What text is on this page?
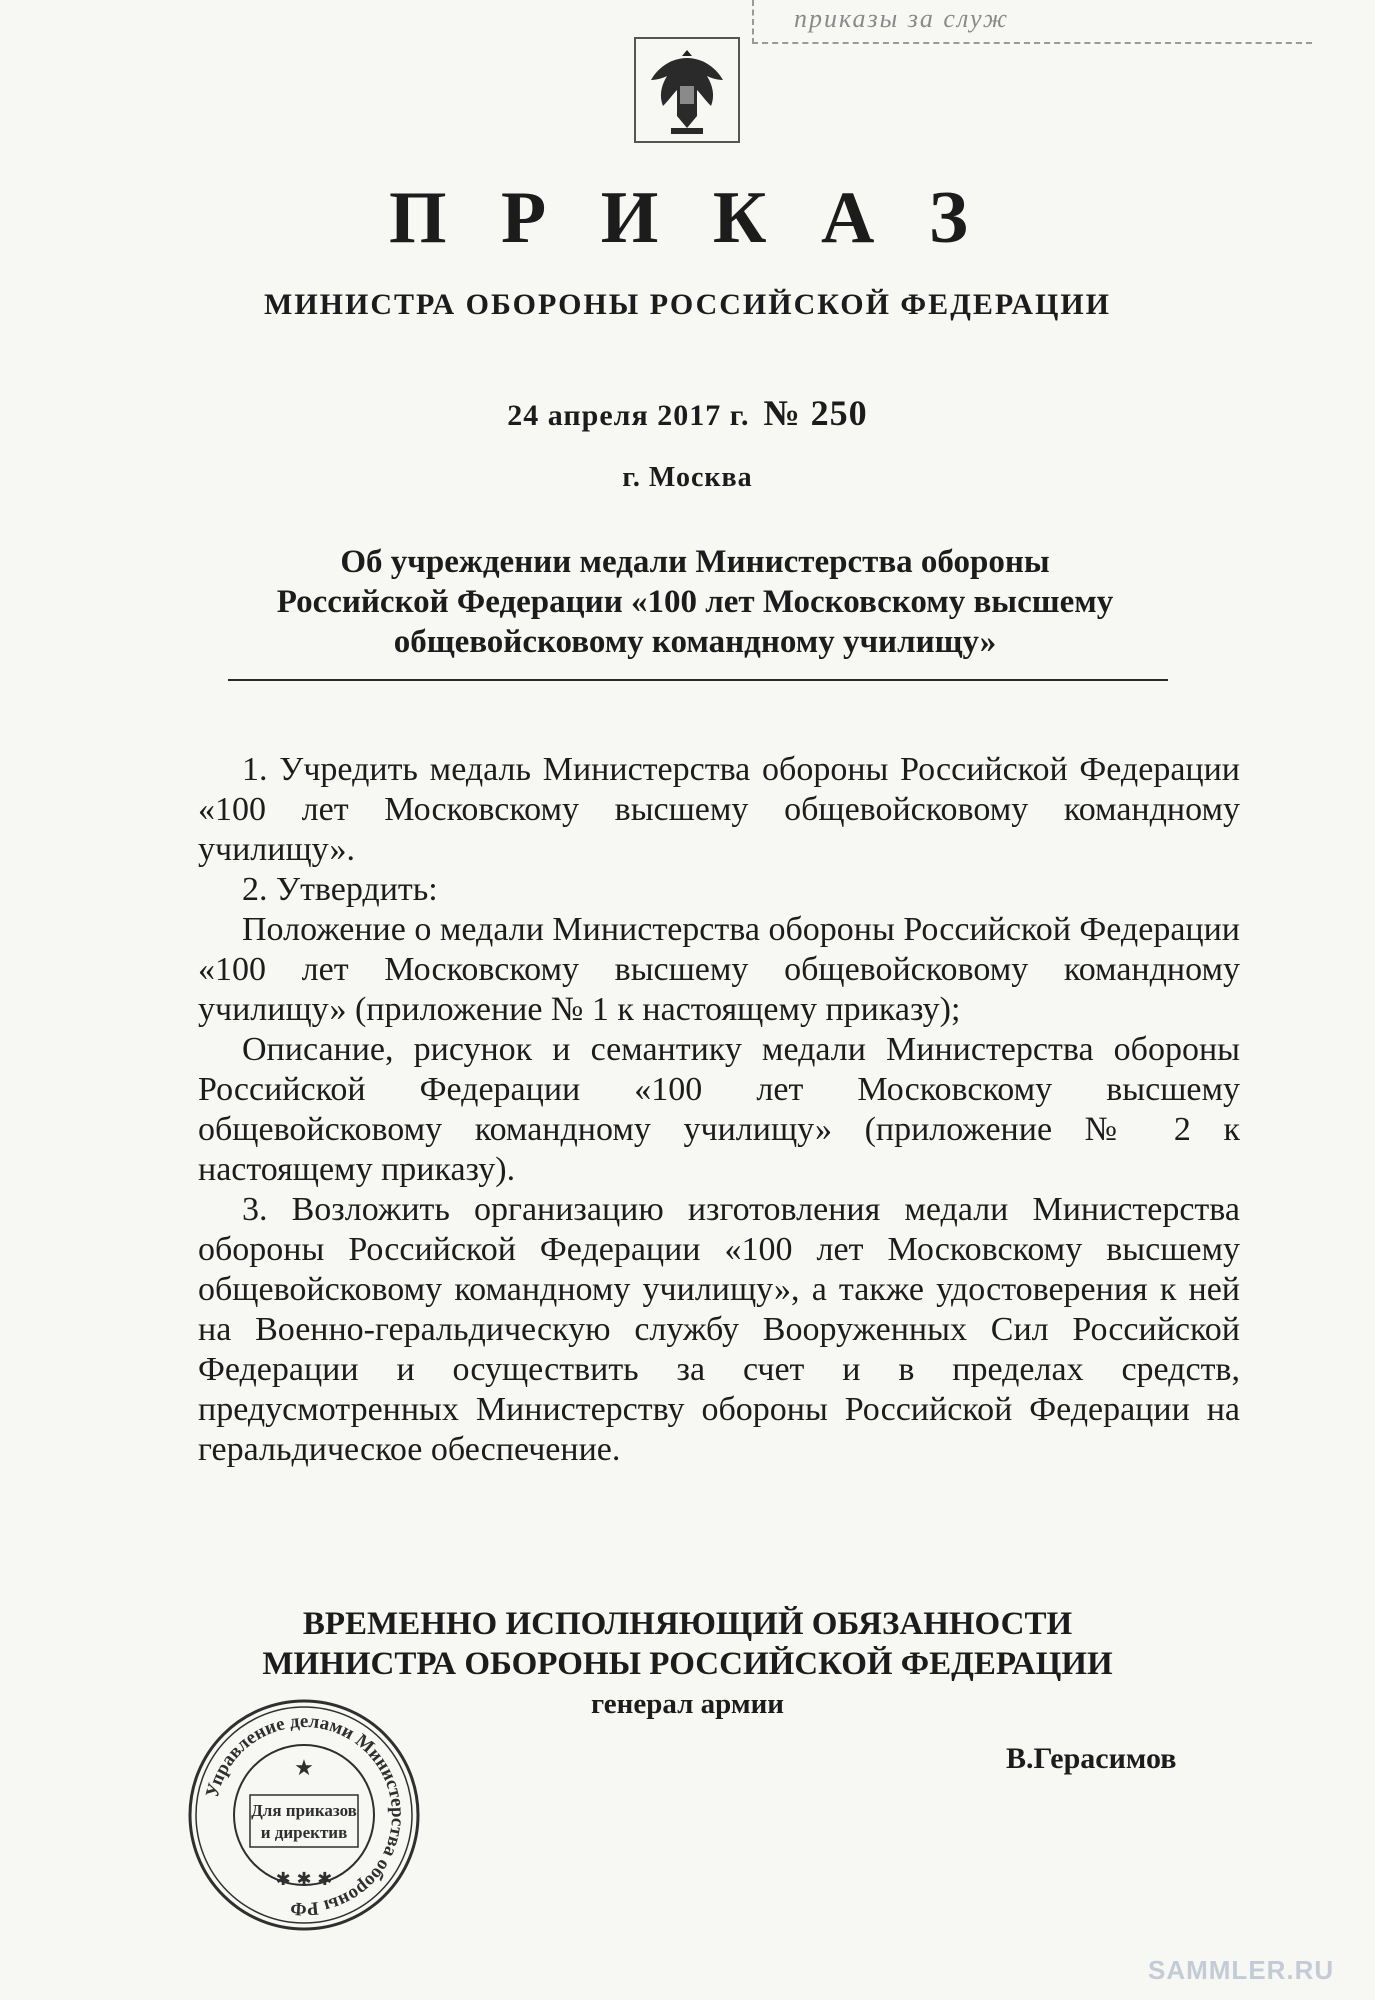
приказы за служ
П Р И К А З
МИНИСТРА ОБОРОНЫ РОССИЙСКОЙ ФЕДЕРАЦИИ
24 апреля 2017 г. № 250
г. Москва
Об учреждении медали Министерства обороны
Российской Федерации «100 лет Московскому высшему
общевойсковому командному училищу»

1. Учредить медаль Министерства обороны Российской Федерации «100 лет Московскому высшему общевойсковому командному училищу».

2. Утвердить:

Положение о медали Министерства обороны Российской Федерации «100 лет Московскому высшему общевойсковому командному училищу» (приложение № 1 к настоящему приказу);

Описание, рисунок и семантику медали Министерства обороны Российской Федерации «100 лет Московскому высшему общевойсковому командному училищу» (приложение № 2 к настоящему приказу).

3. Возложить организацию изготовления медали Министерства обороны Российской Федерации «100 лет Московскому высшему общевойсковому командному училищу», а также удостоверения к ней на Военно-геральдическую службу Вооруженных Сил Российской Федерации и осуществить за счет и в пределах средств, предусмотренных Министерству обороны Российской Федерации на геральдическое обеспечение.

ВРЕМЕННО ИСПОЛНЯЮЩИЙ ОБЯЗАННОСТИ
МИНИСТРА ОБОРОНЫ РОССИЙСКОЙ ФЕДЕРАЦИИ
генерал армии
В.Герасимов
Управление делами Министерства обороны РФ
★
Для приказов
и директив
✱ ✱ ✱
SAMMLER.RU
